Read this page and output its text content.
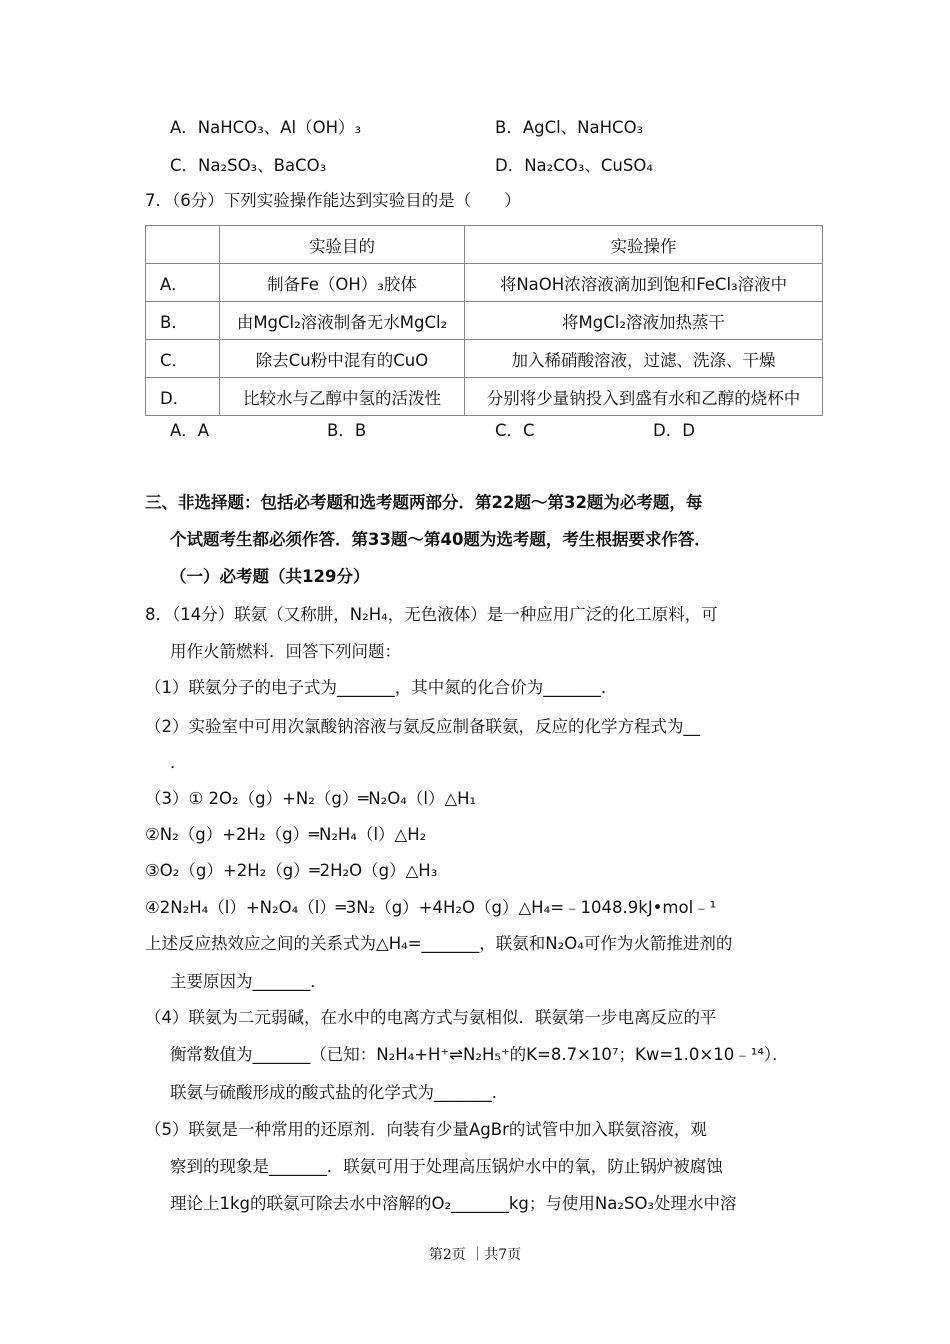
A．NaHCO₃、Al（OH）₃	B．AgCl、NaHCO₃
C．Na₂SO₃、BaCO₃	D．Na₂CO₃、CuSO₄
7．（6分）下列实验操作能达到实验目的是（　　）
	实验目的	实验操作
A．	制备Fe（OH）₃胶体	将NaOH浓溶液滴加到饱和FeCl₃溶液中
B．	由MgCl₂溶液制备无水MgCl₂	将MgCl₂溶液加热蒸干
C．	除去Cu粉中混有的CuO	加入稀硝酸溶液，过滤、洗涤、干燥
D．	比较水与乙醇中氢的活泼性	分别将少量钠投入到盛有水和乙醇的烧杯中
A．A	B．B	C．C	D．D
三、非选择题：包括必考题和选考题两部分．第22题～第32题为必考题，每
个试题考生都必须作答．第33题～第40题为选考题，考生根据要求作答．
（一）必考题（共129分）
8．（14分）联氨（又称肼，N₂H₄，无色液体）是一种应用广泛的化工原料，可
用作火箭燃料．回答下列问题：
（1）联氨分子的电子式为_______，其中氮的化合价为_______．
（2）实验室中可用次氯酸钠溶液与氨反应制备联氨，反应的化学方程式为__
．
（3）① 2O₂（g）+N₂（g）═N₂O₄（l）△H₁
②N₂（g）+2H₂（g）═N₂H₄（l）△H₂
③O₂（g）+2H₂（g）═2H₂O（g）△H₃
④2N₂H₄（l）+N₂O₄（l）═3N₂（g）+4H₂O（g）△H₄=﹣1048.9kJ•mol﹣¹
上述反应热效应之间的关系式为△H₄=_______，联氨和N₂O₄可作为火箭推进剂的
主要原因为_______．
（4）联氨为二元弱碱，在水中的电离方式与氨相似．联氨第一步电离反应的平
衡常数值为_______（已知：N₂H₄+H⁺⇌N₂H₅⁺的K=8.7×10⁷；Kw=1.0×10﹣¹⁴）．
联氨与硫酸形成的酸式盐的化学式为_______．
（5）联氨是一种常用的还原剂．向装有少量AgBr的试管中加入联氨溶液，观
察到的现象是_______．联氨可用于处理高压锅炉水中的氧，防止锅炉被腐蚀
理论上1kg的联氨可除去水中溶解的O₂_______kg；与使用Na₂SO₃处理水中溶
第2页 ｜共7页
